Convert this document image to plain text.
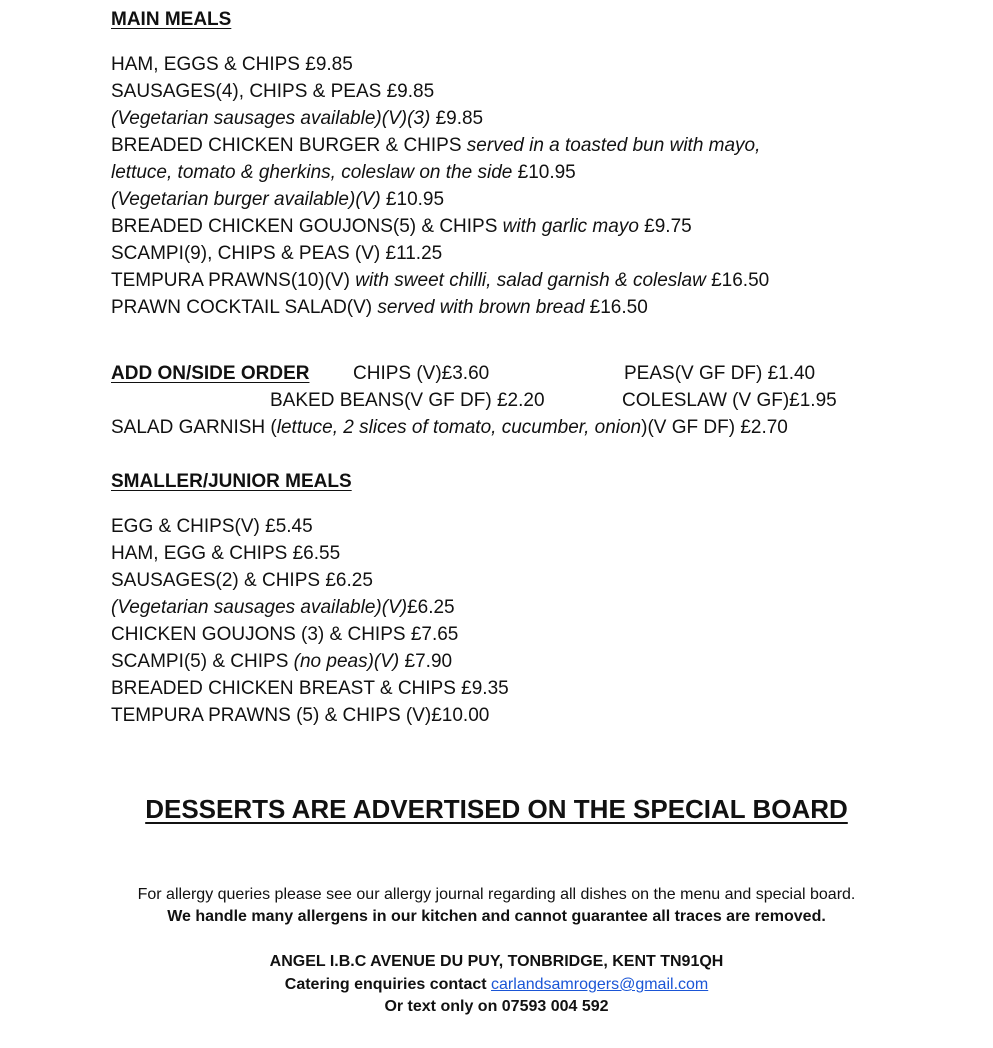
MAIN MEALS
HAM, EGGS & CHIPS £9.85
SAUSAGES(4), CHIPS & PEAS £9.85
(Vegetarian sausages available)(V)(3) £9.85
BREADED CHICKEN BURGER & CHIPS served in a toasted bun with mayo,
lettuce, tomato & gherkins, coleslaw on the side £10.95
(Vegetarian burger available)(V) £10.95
BREADED CHICKEN GOUJONS(5) & CHIPS with garlic mayo £9.75
SCAMPI(9), CHIPS & PEAS (V) £11.25
TEMPURA PRAWNS(10)(V) with sweet chilli, salad garnish & coleslaw £16.50
PRAWN COCKTAIL SALAD(V) served with brown bread £16.50
ADD ON/SIDE ORDER CHIPS (V)£3.60	PEAS(V GF DF) £1.40
BAKED BEANS(V GF DF) £2.20	COLESLAW (V GF)£1.95
SALAD GARNISH (lettuce, 2 slices of tomato, cucumber, onion)(V GF DF) £2.70
SMALLER/JUNIOR MEALS
EGG & CHIPS(V) £5.45
HAM, EGG & CHIPS £6.55
SAUSAGES(2) & CHIPS £6.25
(Vegetarian sausages available)(V)£6.25
CHICKEN GOUJONS (3) & CHIPS £7.65
SCAMPI(5) & CHIPS (no peas)(V) £7.90
BREADED CHICKEN BREAST & CHIPS £9.35
TEMPURA PRAWNS (5) & CHIPS (V)£10.00
DESSERTS ARE ADVERTISED ON THE SPECIAL BOARD
For allergy queries please see our allergy journal regarding all dishes on the menu and special board.
We handle many allergens in our kitchen and cannot guarantee all traces are removed.
ANGEL I.B.C AVENUE DU PUY, TONBRIDGE, KENT TN91QH
Catering enquiries contact carlandsamrogers@gmail.com
Or text only on 07593 004 592
